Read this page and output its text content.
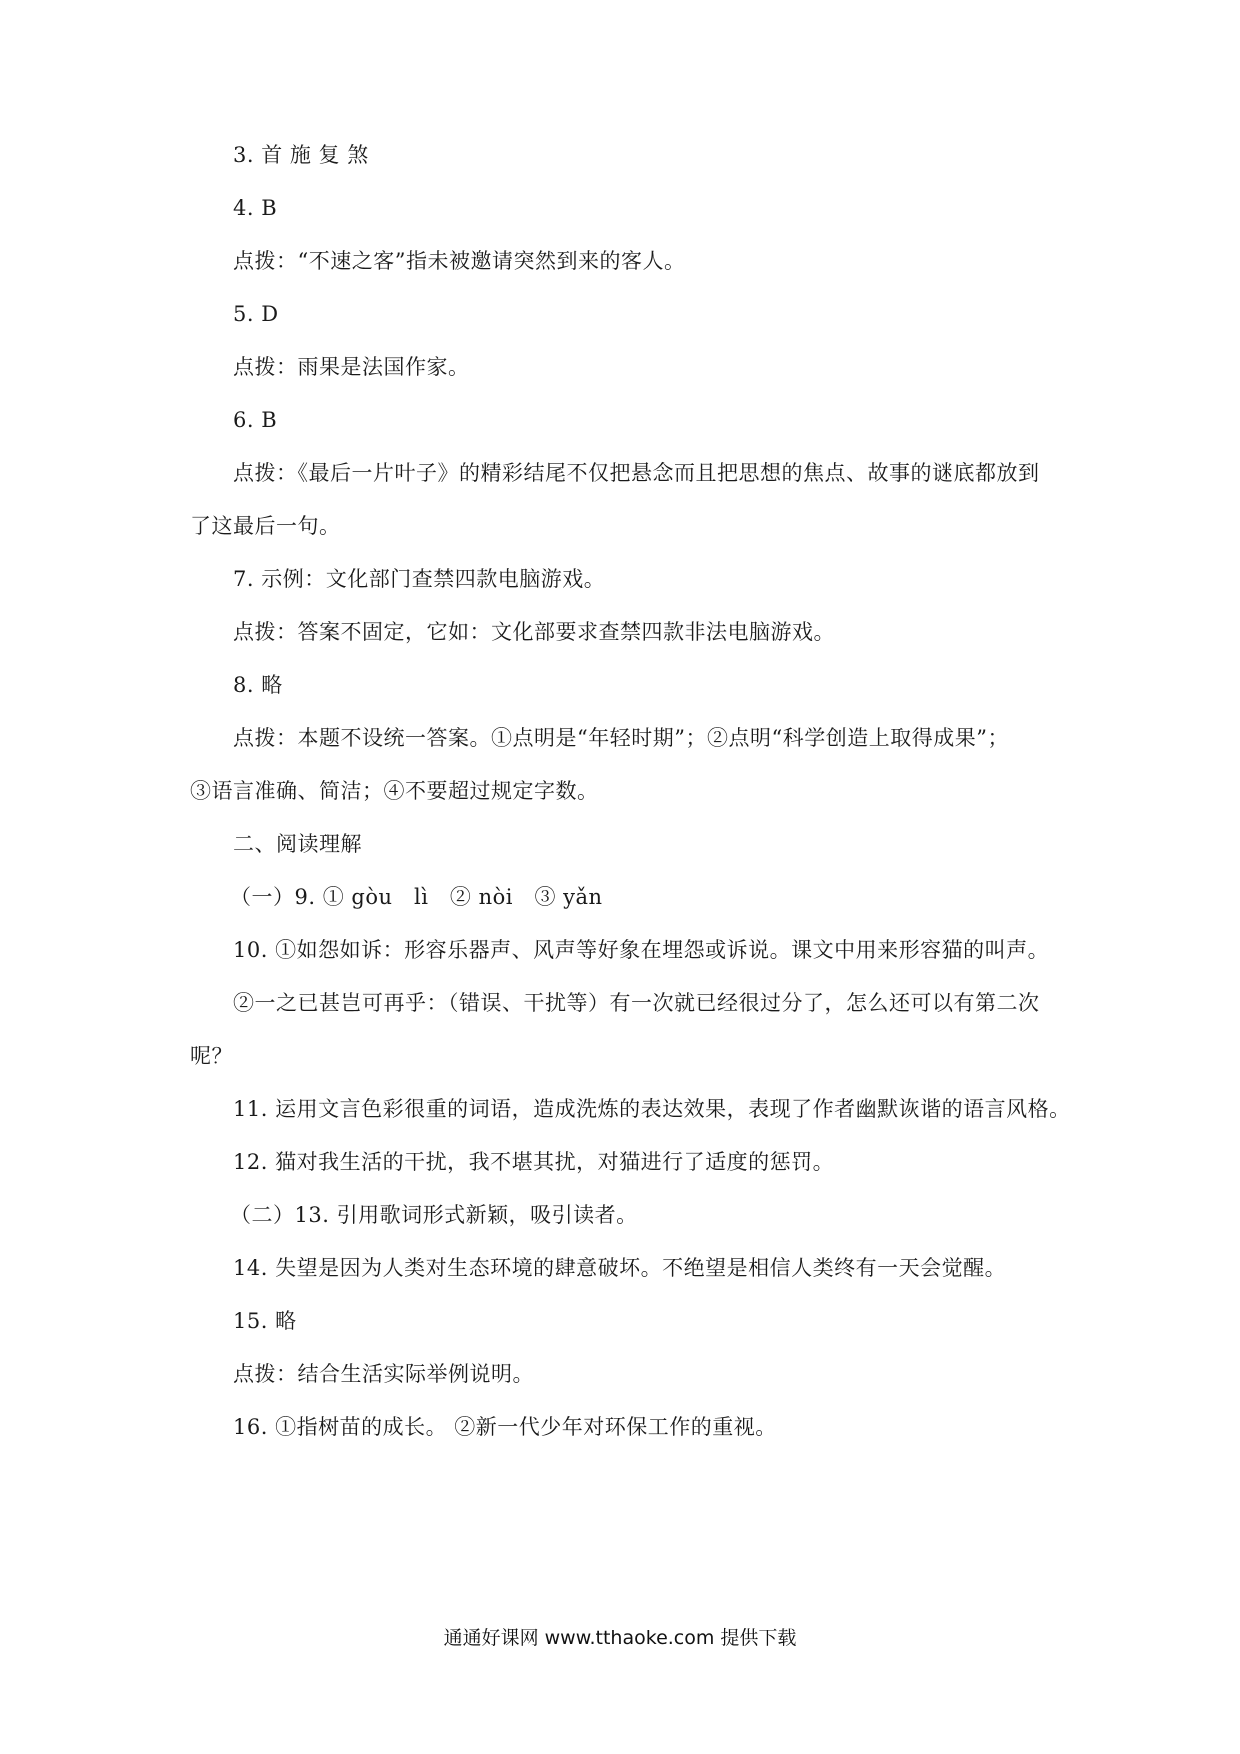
3. 首 施 复 煞
4. B
点拨：“不速之客”指未被邀请突然到来的客人。
5. D
点拨：雨果是法国作家。
6. B
点拨：《最后一片叶子》的精彩结尾不仅把悬念而且把思想的焦点、故事的谜底都放到
了这最后一句。
7. 示例：文化部门查禁四款电脑游戏。
点拨：答案不固定，它如：文化部要求查禁四款非法电脑游戏。
8. 略
点拨：本题不设统一答案。①点明是“年轻时期”；②点明“科学创造上取得成果”；
③语言准确、简洁；④不要超过规定字数。
二、阅读理解
（一）9. ① gòu　lì　② nòi　③ yǎn
10. ①如怨如诉：形容乐器声、风声等好象在埋怨或诉说。课文中用来形容猫的叫声。
②一之已甚岂可再乎：（错误、干扰等）有一次就已经很过分了，怎么还可以有第二次
呢？
11. 运用文言色彩很重的词语，造成洗炼的表达效果，表现了作者幽默诙谐的语言风格。
12. 猫对我生活的干扰，我不堪其扰，对猫进行了适度的惩罚。
（二）13. 引用歌词形式新颖，吸引读者。
14. 失望是因为人类对生态环境的肆意破坏。不绝望是相信人类终有一天会觉醒。
15. 略
点拨：结合生活实际举例说明。
16. ①指树苗的成长。 ②新一代少年对环保工作的重视。
通通好课网 www.tthaoke.com 提供下载
